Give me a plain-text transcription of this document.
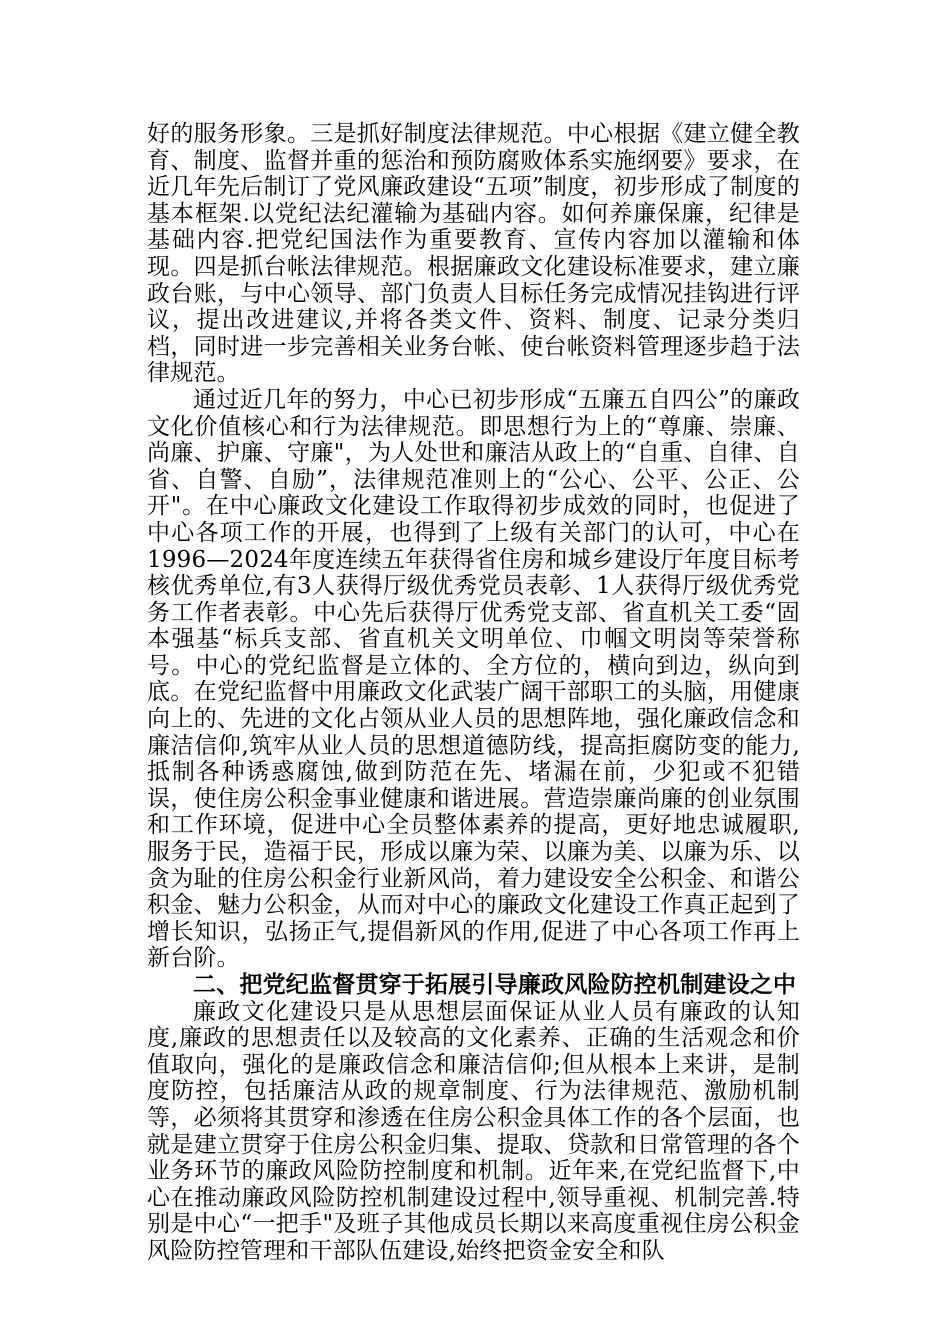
好的服务形象。三是抓好制度法律规范。中心根据《建立健全教育、制度、监督并重的惩治和预防腐败体系实施纲要》要求，在近几年先后制订了党风廉政建设“五项”制度，初步形成了制度的基本框架.以党纪法纪灌输为基础内容。如何养廉保廉，纪律是基础内容.把党纪国法作为重要教育、宣传内容加以灌输和体现。四是抓台帐法律规范。根据廉政文化建设标准要求，建立廉政台账，与中心领导、部门负责人目标任务完成情况挂钩进行评议，提出改进建议,并将各类文件、资料、制度、记录分类归档，同时进一步完善相关业务台帐、使台帐资料管理逐步趋于法律规范。

通过近几年的努力，中心已初步形成“五廉五自四公”的廉政文化价值核心和行为法律规范。即思想行为上的“尊廉、崇廉、尚廉、护廉、守廉"，为人处世和廉洁从政上的“自重、自律、自省、自警、自励”，法律规范准则上的“公心、公平、公正、公开"。在中心廉政文化建设工作取得初步成效的同时，也促进了中心各项工作的开展，也得到了上级有关部门的认可，中心在1996—2024年度连续五年获得省住房和城乡建设厅年度目标考核优秀单位,有3人获得厅级优秀党员表彰、1人获得厅级优秀党务工作者表彰。中心先后获得厅优秀党支部、省直机关工委“固本强基“标兵支部、省直机关文明单位、巾帼文明岗等荣誉称号。中心的党纪监督是立体的、全方位的，横向到边，纵向到底。在党纪监督中用廉政文化武装广阔干部职工的头脑，用健康向上的、先进的文化占领从业人员的思想阵地，强化廉政信念和廉洁信仰,筑牢从业人员的思想道德防线，提高拒腐防变的能力,抵制各种诱惑腐蚀,做到防范在先、堵漏在前，少犯或不犯错误，使住房公积金事业健康和谐进展。营造崇廉尚廉的创业氛围和工作环境，促进中心全员整体素养的提高，更好地忠诚履职,服务于民，造福于民，形成以廉为荣、以廉为美、以廉为乐、以贪为耻的住房公积金行业新风尚，着力建设安全公积金、和谐公积金、魅力公积金，从而对中心的廉政文化建设工作真正起到了增长知识，弘扬正气,提倡新风的作用,促进了中心各项工作再上新台阶。

二、把党纪监督贯穿于拓展引导廉政风险防控机制建设之中

廉政文化建设只是从思想层面保证从业人员有廉政的认知度,廉政的思想责任以及较高的文化素养、正确的生活观念和价值取向，强化的是廉政信念和廉洁信仰;但从根本上来讲，是制度防控，包括廉洁从政的规章制度、行为法律规范、激励机制等，必须将其贯穿和渗透在住房公积金具体工作的各个层面，也就是建立贯穿于住房公积金归集、提取、贷款和日常管理的各个业务环节的廉政风险防控制度和机制。近年来,在党纪监督下,中心在推动廉政风险防控机制建设过程中,领导重视、机制完善.特别是中心“一把手"及班子其他成员长期以来高度重视住房公积金风险防控管理和干部队伍建设,始终把资金安全和队
